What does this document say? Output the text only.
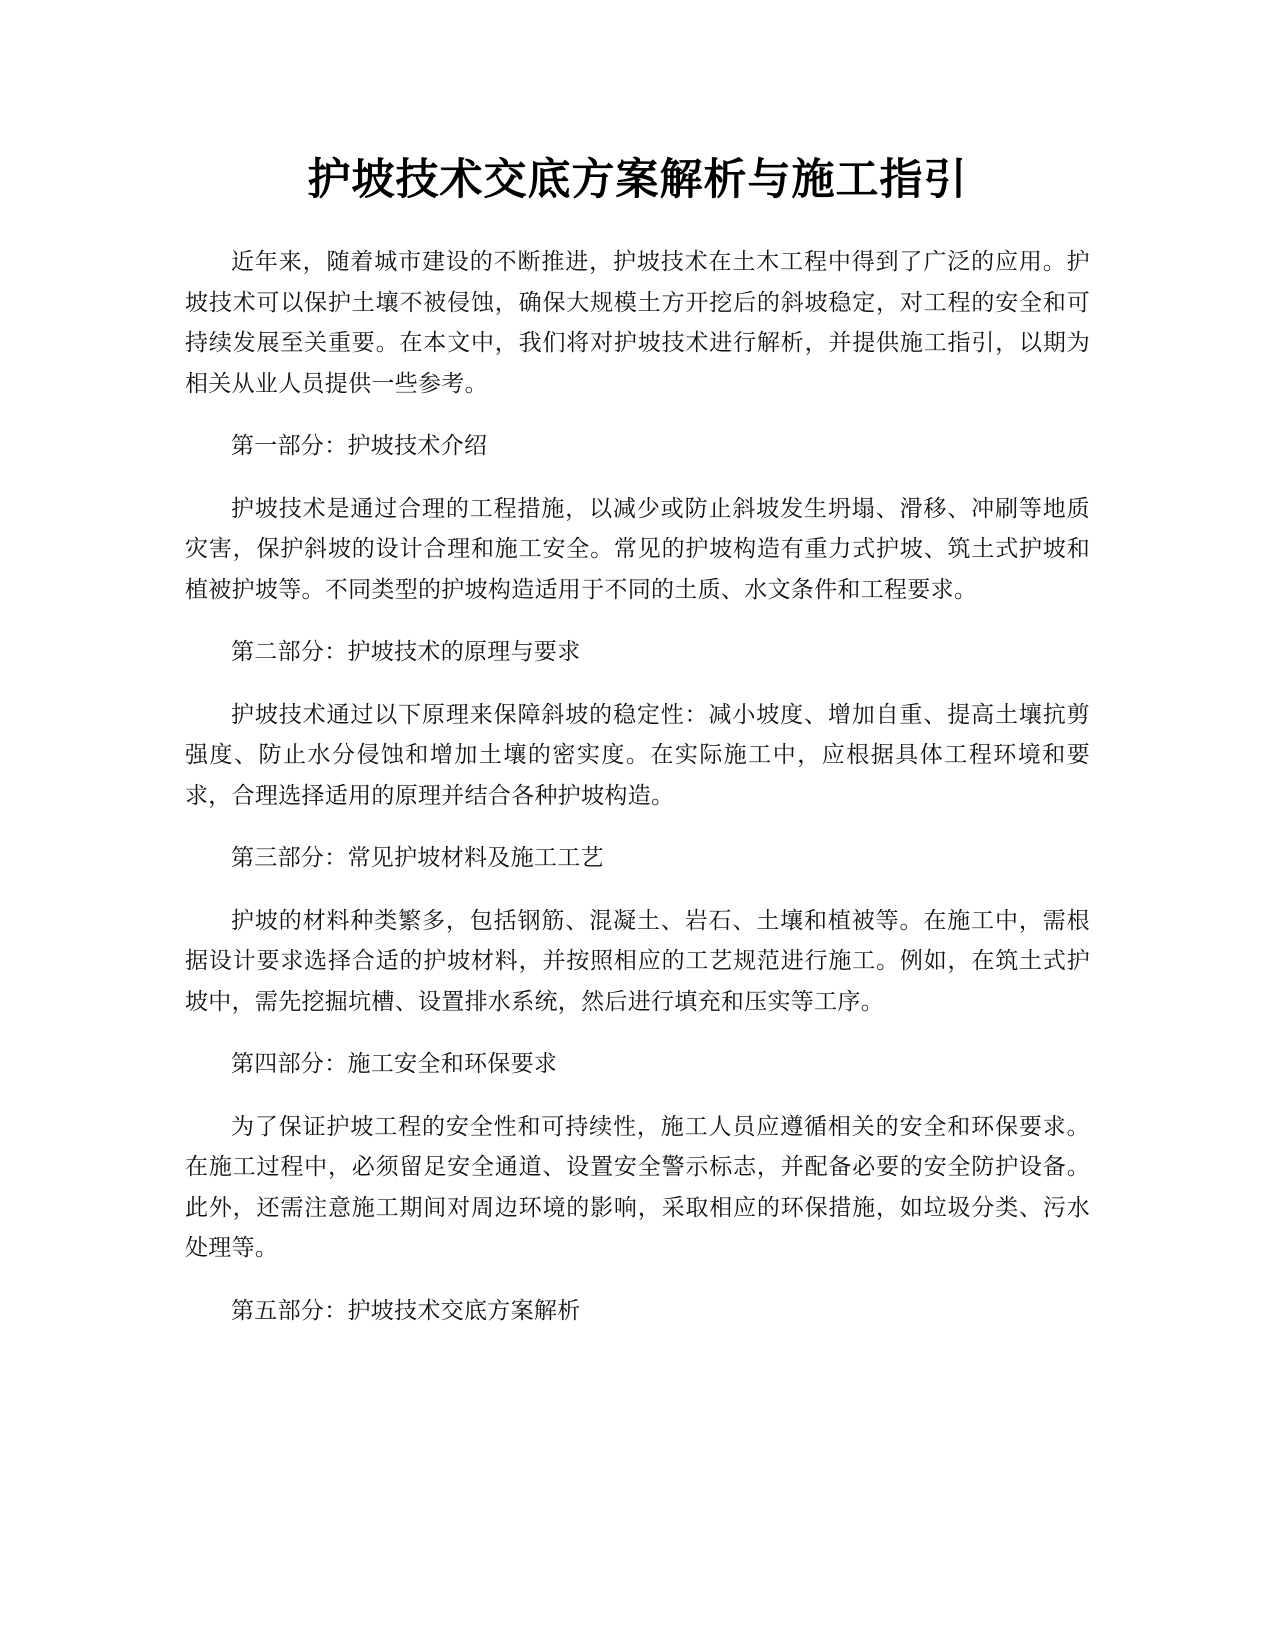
护坡技术交底方案解析与施工指引

近年来，随着城市建设的不断推进，护坡技术在土木工程中得到了广泛的应用。护坡技术可以保护土壤不被侵蚀，确保大规模土方开挖后的斜坡稳定，对工程的安全和可持续发展至关重要。在本文中，我们将对护坡技术进行解析，并提供施工指引，以期为相关从业人员提供一些参考。

第一部分：护坡技术介绍

护坡技术是通过合理的工程措施，以减少或防止斜坡发生坍塌、滑移、冲刷等地质灾害，保护斜坡的设计合理和施工安全。常见的护坡构造有重力式护坡、筑土式护坡和植被护坡等。不同类型的护坡构造适用于不同的土质、水文条件和工程要求。

第二部分：护坡技术的原理与要求

护坡技术通过以下原理来保障斜坡的稳定性：减小坡度、增加自重、提高土壤抗剪强度、防止水分侵蚀和增加土壤的密实度。在实际施工中，应根据具体工程环境和要求，合理选择适用的原理并结合各种护坡构造。

第三部分：常见护坡材料及施工工艺

护坡的材料种类繁多，包括钢筋、混凝土、岩石、土壤和植被等。在施工中，需根据设计要求选择合适的护坡材料，并按照相应的工艺规范进行施工。例如，在筑土式护坡中，需先挖掘坑槽、设置排水系统，然后进行填充和压实等工序。

第四部分：施工安全和环保要求

为了保证护坡工程的安全性和可持续性，施工人员应遵循相关的安全和环保要求。在施工过程中，必须留足安全通道、设置安全警示标志，并配备必要的安全防护设备。此外，还需注意施工期间对周边环境的影响，采取相应的环保措施，如垃圾分类、污水处理等。

第五部分：护坡技术交底方案解析
